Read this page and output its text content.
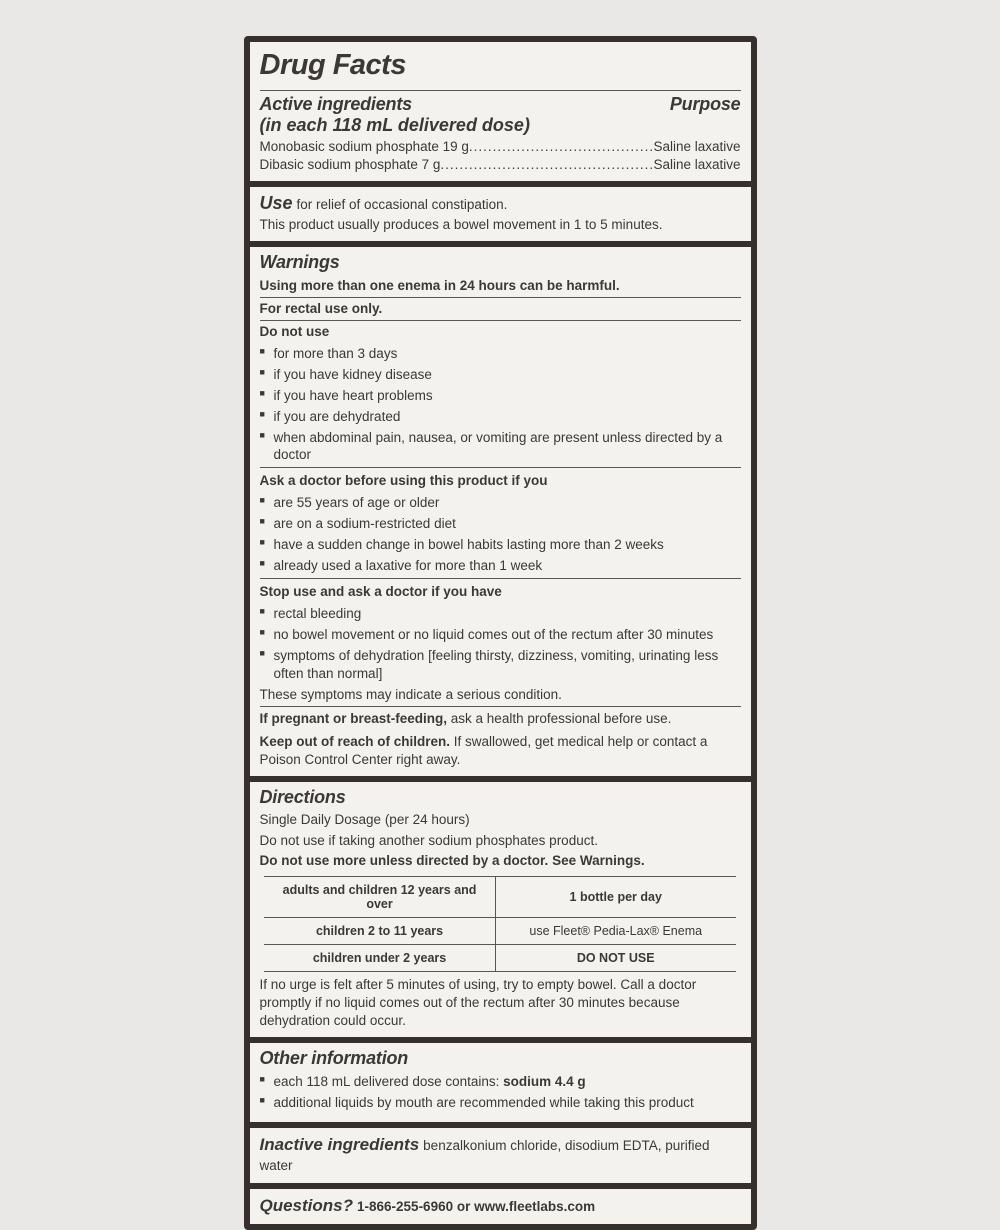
Drug Facts
Active ingredients	Purpose
(in each 118 mL delivered dose)
Monobasic sodium phosphate 19 g .....	Saline laxative
Dibasic sodium phosphate 7 g .....	Saline laxative
Use for relief of occasional constipation.
This product usually produces a bowel movement in 1 to 5 minutes.
Warnings
Using more than one enema in 24 hours can be harmful.
For rectal use only.
Do not use
■ for more than 3 days
■ if you have kidney disease
■ if you have heart problems
■ if you are dehydrated
■ when abdominal pain, nausea, or vomiting are present unless directed by a doctor
Ask a doctor before using this product if you
■ are 55 years of age or older
■ are on a sodium-restricted diet
■ have a sudden change in bowel habits lasting more than 2 weeks
■ already used a laxative for more than 1 week
Stop use and ask a doctor if you have
■ rectal bleeding
■ no bowel movement or no liquid comes out of the rectum after 30 minutes
■ symptoms of dehydration [feeling thirsty, dizziness, vomiting, urinating less often than normal]
These symptoms may indicate a serious condition.
If pregnant or breast-feeding, ask a health professional before use.
Keep out of reach of children. If swallowed, get medical help or contact a Poison Control Center right away.
Directions
Single Daily Dosage (per 24 hours)
Do not use if taking another sodium phosphates product.
Do not use more unless directed by a doctor. See Warnings.
adults and children 12 years and over	1 bottle per day
children 2 to 11 years	use Fleet® Pedia-Lax® Enema
children under 2 years	DO NOT USE
If no urge is felt after 5 minutes of using, try to empty bowel. Call a doctor promptly if no liquid comes out of the rectum after 30 minutes because dehydration could occur.
Other information
■ each 118 mL delivered dose contains: sodium 4.4 g
■ additional liquids by mouth are recommended while taking this product
Inactive ingredients benzalkonium chloride, disodium EDTA, purified water
Questions? 1-866-255-6960 or www.fleetlabs.com
